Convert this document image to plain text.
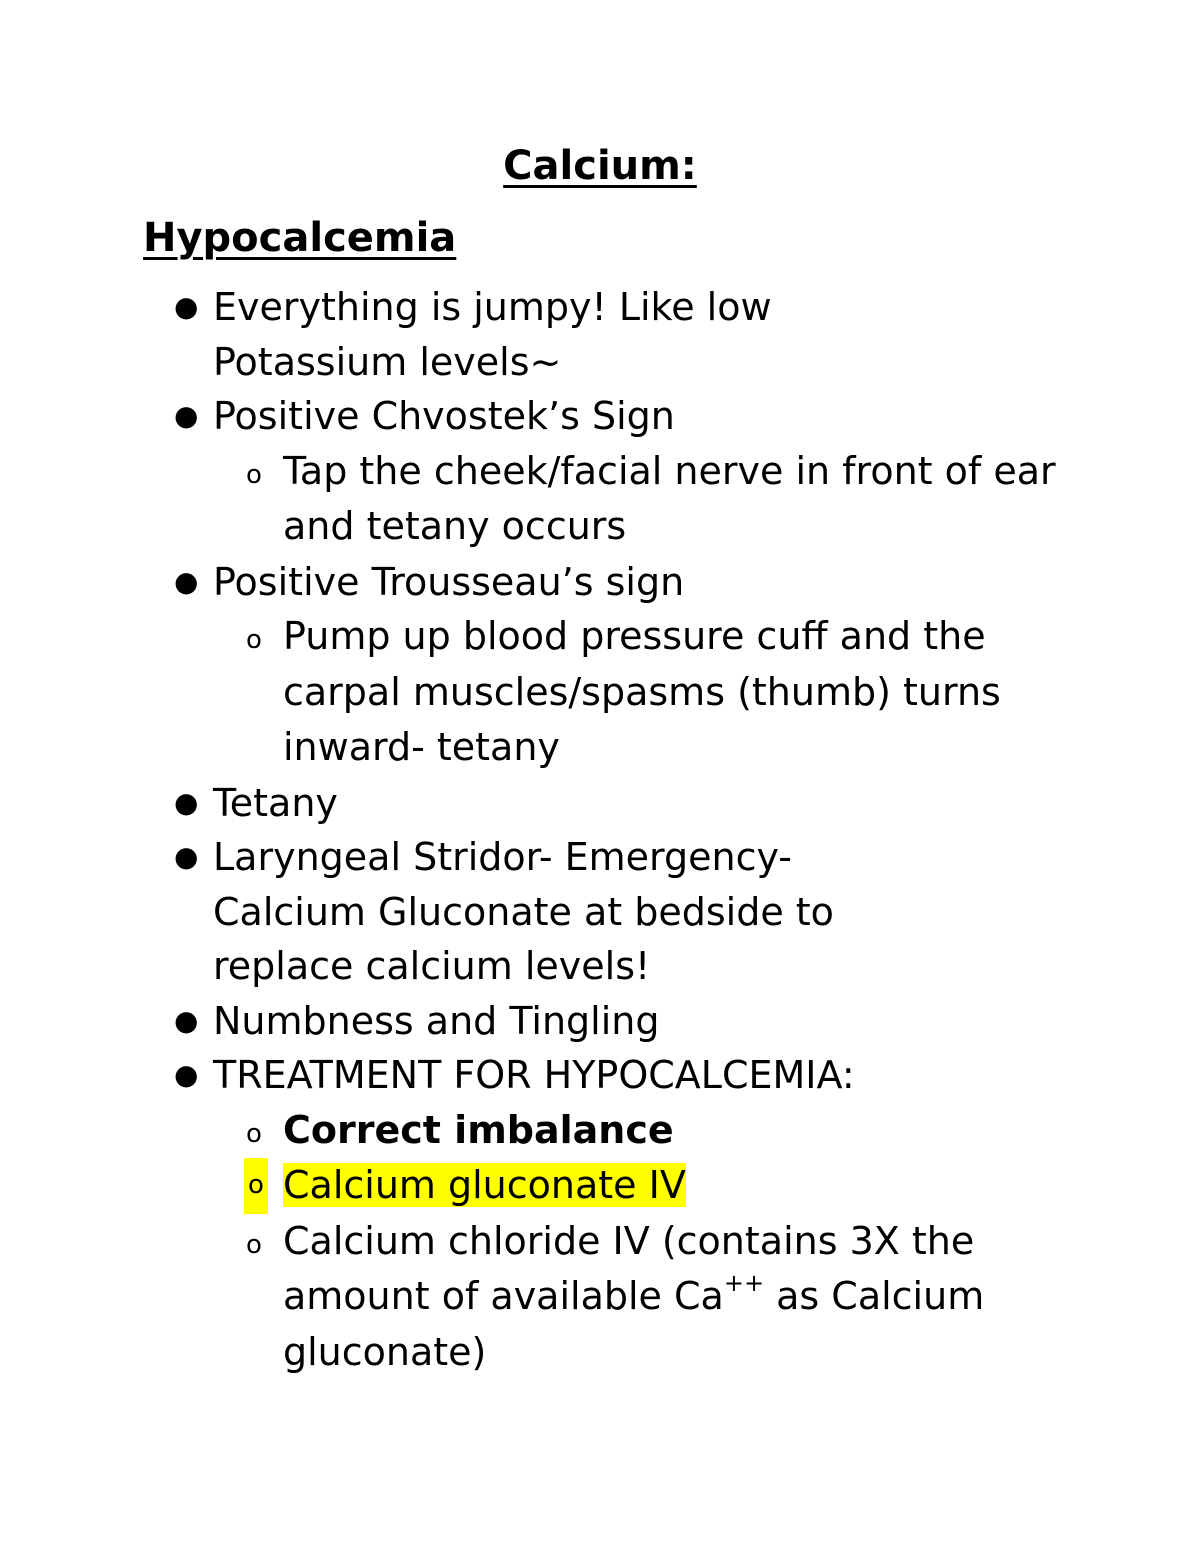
Calcium:
Hypocalcemia
● Everything is jumpy! Like low Potassium levels~
● Positive Chvostek’s Sign
o Tap the cheek/facial nerve in front of ear and tetany occurs
● Positive Trousseau’s sign
o Pump up blood pressure cuff and the carpal muscles/spasms (thumb) turns inward- tetany
● Tetany
● Laryngeal Stridor- Emergency- Calcium Gluconate at bedside to replace calcium levels!
● Numbness and Tingling
● TREATMENT FOR HYPOCALCEMIA:
o Correct imbalance
o Calcium gluconate IV
o Calcium chloride IV (contains 3X the amount of available Ca++ as Calcium gluconate)
